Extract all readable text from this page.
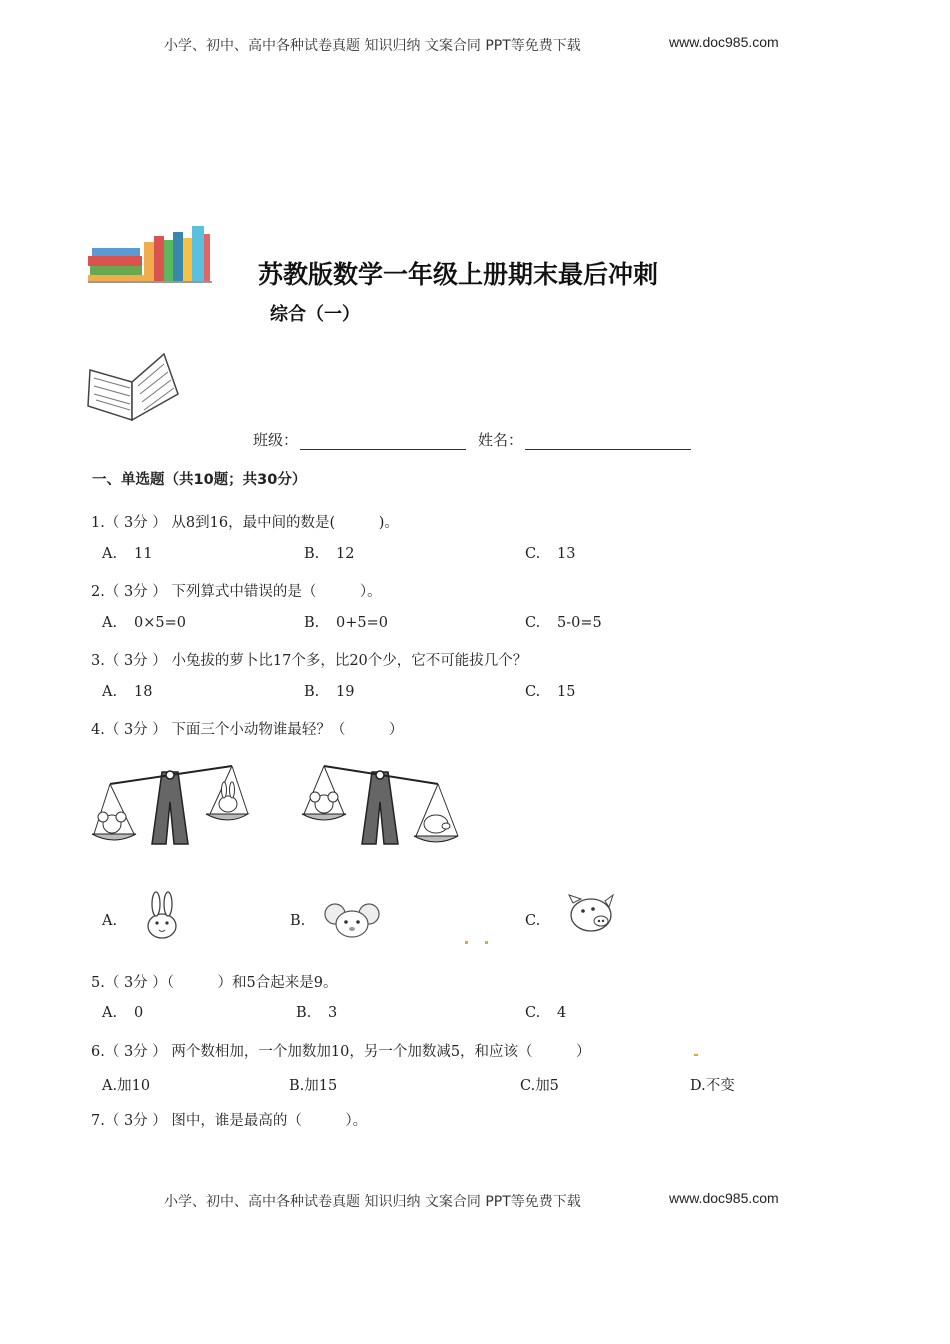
小学、初中、高中各种试卷真题 知识归纳 文案合同 PPT等免费下载	www.doc985.com
苏教版数学一年级上册期末最后冲刺
综合（一）
班级：	姓名：
一、单选题（共10题；共30分）
1.（ 3分 ） 从8到16，最中间的数是(　　　)。
A. 11	B. 12	C. 13
2.（ 3分 ） 下列算式中错误的是（　　　）。
A. 0×5=0	B. 0+5=0	C. 5-0=5
3.（ 3分 ） 小兔拔的萝卜比17个多，比20个少，它不可能拔几个？
A. 18	B. 19	C. 15
4.（ 3分 ） 下面三个小动物谁最轻？（　　　）
A.	B.	C.
5.（ 3分 ）（　　　）和5合起来是9。
A. 0	B. 3	C. 4
6.（ 3分 ） 两个数相加，一个加数加10，另一个加数减5，和应该（　　　）
A.加10	B.加15	C.加5	D.不变
7.（ 3分 ） 图中，谁是最高的（　　　）。
小学、初中、高中各种试卷真题 知识归纳 文案合同 PPT等免费下载	www.doc985.com
